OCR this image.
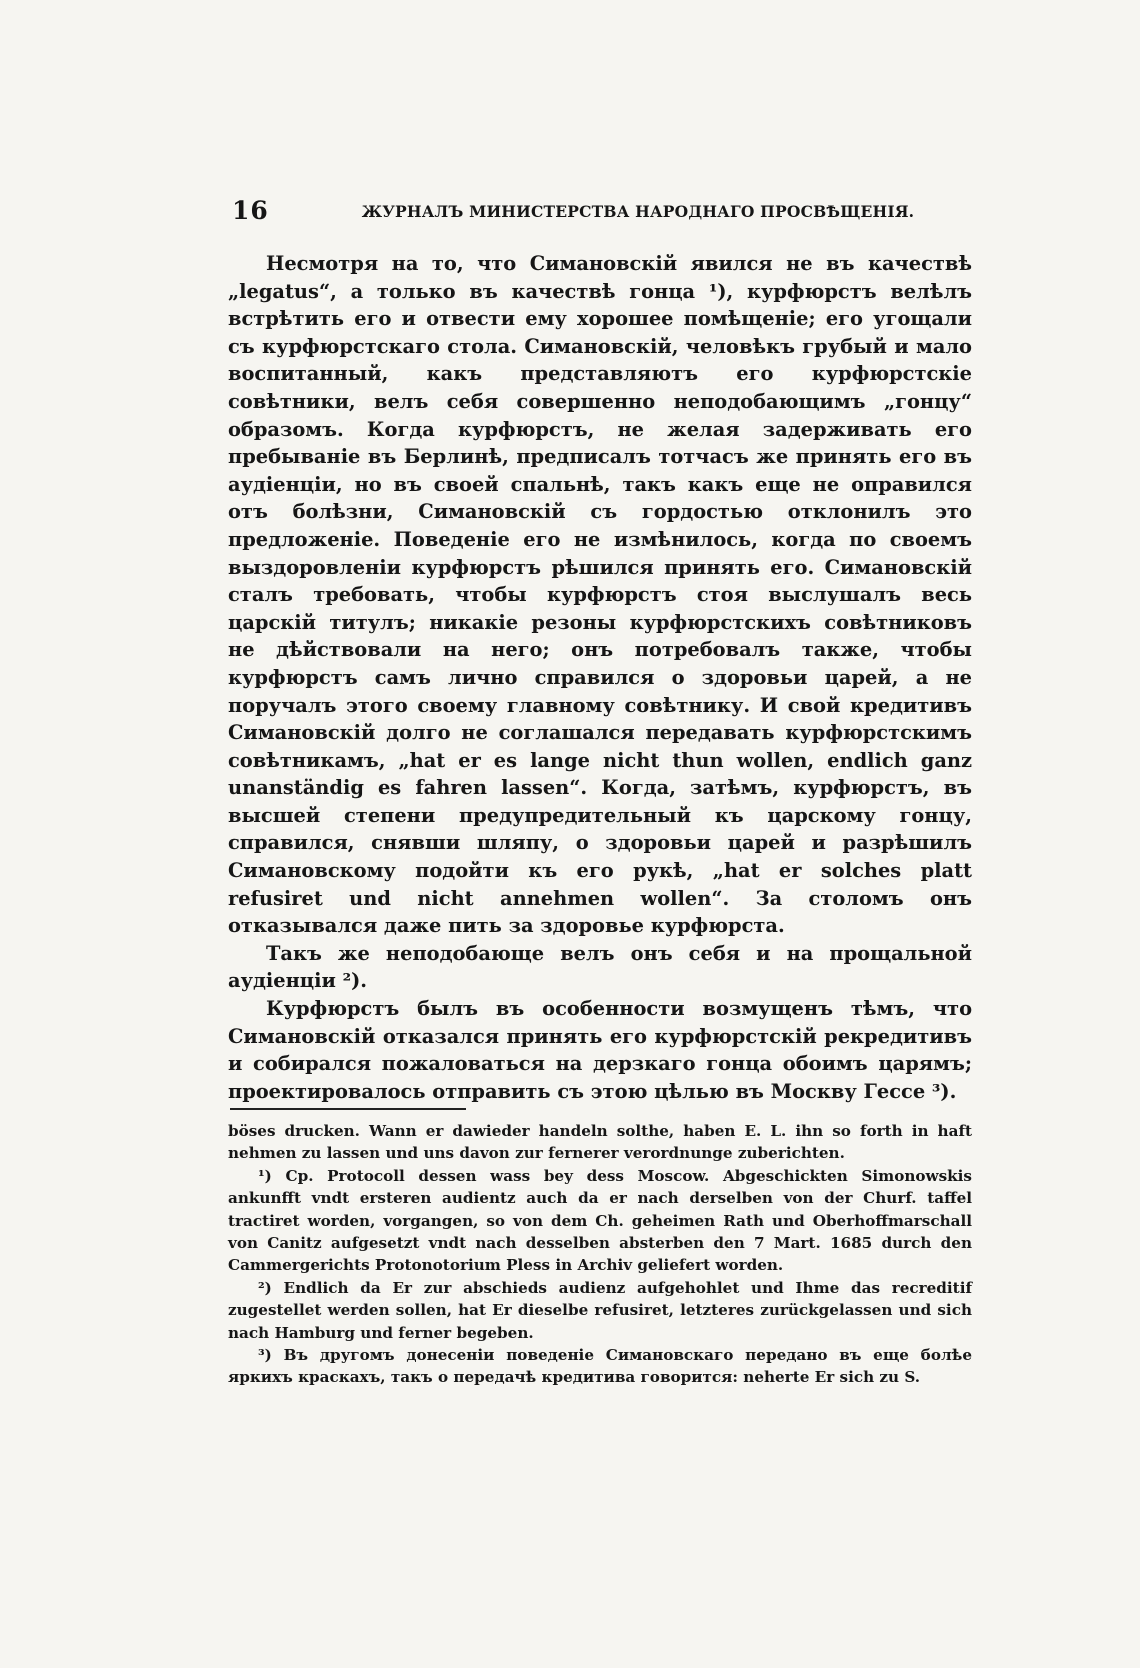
16	ЖУРНАЛЪ МИНИСТЕРСТВА НАРОДНАГО ПРОСВѢЩЕНІЯ.

Несмотря на то, что Симановскій явился не въ качествѣ „legatus“, а только въ качествѣ гонца ¹), курфюрстъ велѣлъ встрѣтить его и отвести ему хорошее помѣщеніе; его угощали съ курфюрстскаго стола. Симановскій, человѣкъ грубый и мало воспитанный, какъ представляютъ его курфюрстскіе совѣтники, велъ себя совершенно неподобающимъ „гонцу“ образомъ. Когда курфюрстъ, не желая задерживать его пребываніе въ Берлинѣ, предписалъ тотчасъ же принять его въ аудіенціи, но въ своей спальнѣ, такъ какъ еще не оправился отъ болѣзни, Симановскій съ гордостью отклонилъ это предложеніе. Поведеніе его не измѣнилось, когда по своемъ выздоровленіи курфюрстъ рѣшился принять его. Симановскій сталъ требовать, чтобы курфюрстъ стоя выслушалъ весь царскій титулъ; никакіе резоны курфюрстскихъ совѣтниковъ не дѣйствовали на него; онъ потребовалъ также, чтобы курфюрстъ самъ лично справился о здоровьи царей, а не поручалъ этого своему главному совѣтнику. И свой кредитивъ Симановскій долго не соглашался передавать курфюрстскимъ совѣтникамъ, „hat er es lange nicht thun wollen, endlich ganz unanständig es fahren lassen“. Когда, затѣмъ, курфюрстъ, въ высшей степени предупредительный къ царскому гонцу, справился, снявши шляпу, о здоровьи царей и разрѣшилъ Симановскому подойти къ его рукѣ, „hat er solches platt refusiret und nicht annehmen wollen“. За столомъ онъ отказывался даже пить за здоровье курфюрста.

Такъ же неподобающе велъ онъ себя и на прощальной аудіенціи ²).

Курфюрстъ былъ въ особенности возмущенъ тѣмъ, что Симановскій отказался принять его курфюрстскій рекредитивъ и собирался пожаловаться на дерзкаго гонца обоимъ царямъ; проектировалось отправить съ этою цѣлью въ Москву Гессе ³).

böses drucken. Wann er dawieder handeln solthe, haben E. L. ihn so forth in haft nehmen zu lassen und uns davon zur fernerer verordnunge zuberichten.

¹) Ср. Protocoll dessen wass bey dess Moscow. Abgeschickten Simonowskis ankunfft vndt ersteren audientz auch da er nach derselben von der Churf. taffel tractiret worden, vorgangen, so von dem Ch. geheimen Rath und Oberhoffmarschall von Canitz aufgesetzt vndt nach desselben absterben den 7 Mart. 1685 durch den Cammergerichts Protonotorium Pless in Archiv geliefert worden.

²) Endlich da Er zur abschieds audienz aufgehohlet und Ihme das recreditif zugestellet werden sollen, hat Er dieselbe refusiret, letzteres zurückgelassen und sich nach Hamburg und ferner begeben.

³) Въ другомъ донесеніи поведеніе Симановскаго передано въ еще болѣе яркихъ краскахъ, такъ о передачѣ кредитива говорится: neherte Er sich zu S.
